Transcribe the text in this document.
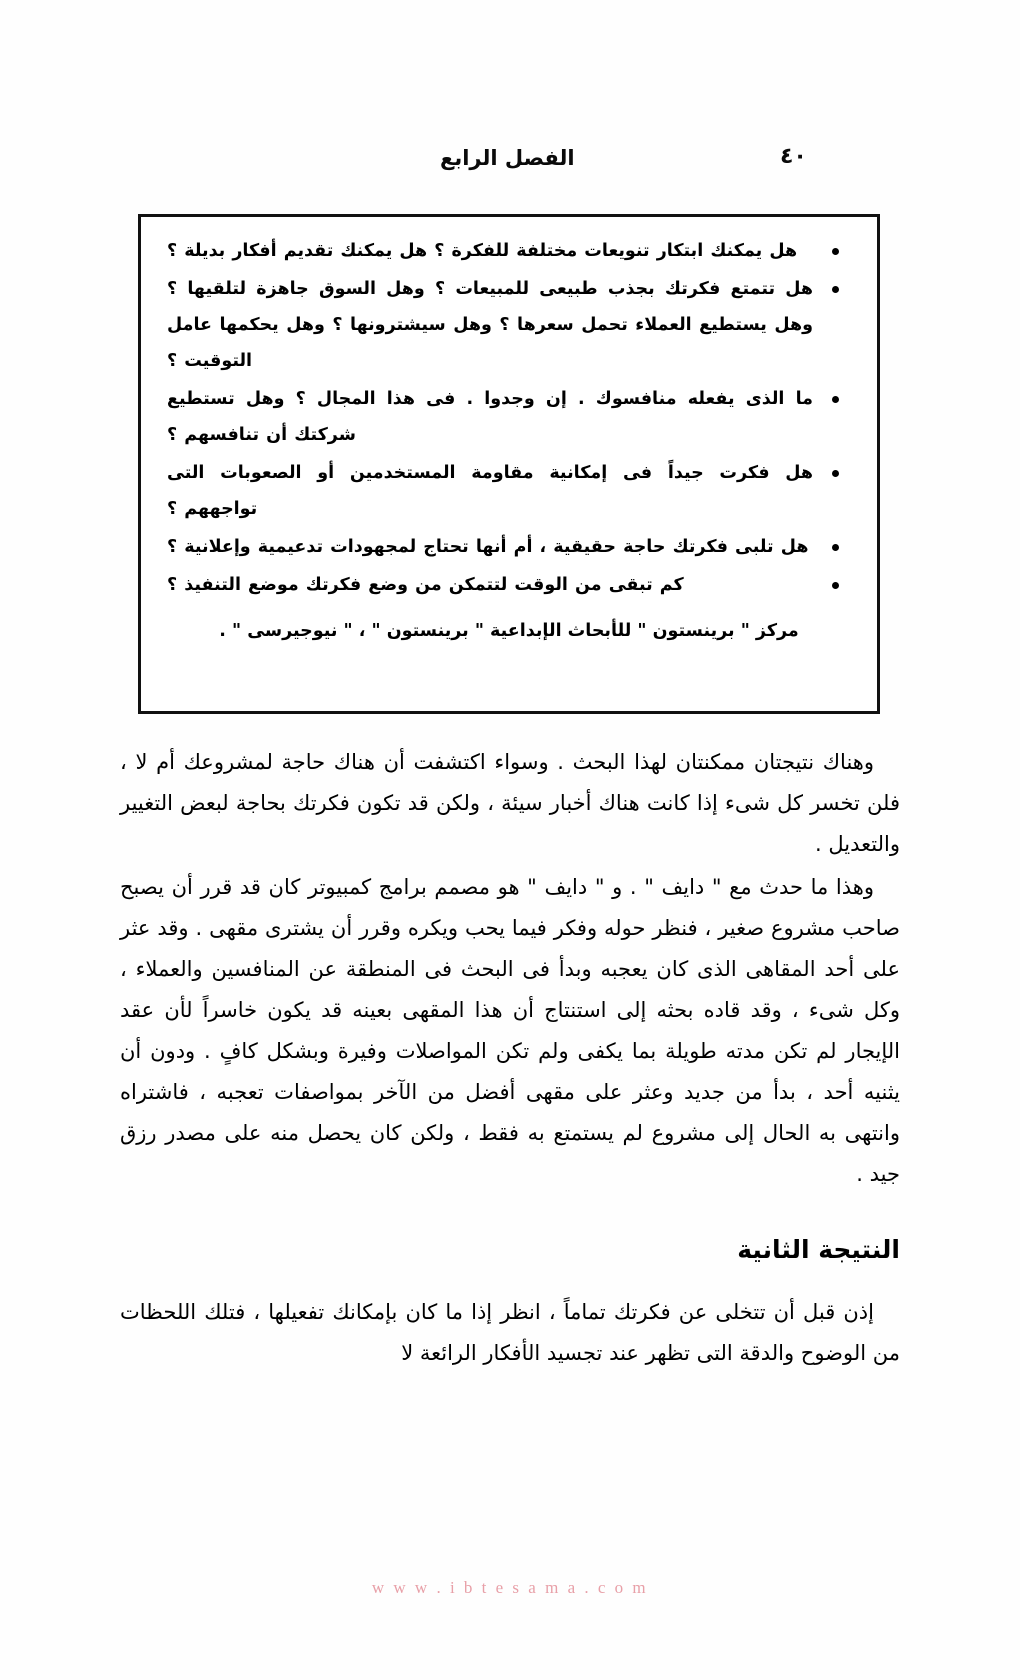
الفصل الرابع	٤٠
هل يمكنك ابتكار تنويعات مختلفة للفكرة ؟ هل يمكنك تقديم أفكار بديلة ؟
هل تتمتع فكرتك بجذب طبيعى للمبيعات ؟ وهل السوق جاهزة لتلقيها ؟ وهل يستطيع العملاء تحمل سعرها ؟ وهل سيشترونها ؟ وهل يحكمها عامل التوقيت ؟
ما الذى يفعله منافسوك . إن وجدوا . فى هذا المجال ؟ وهل تستطيع شركتك أن تنافسهم ؟
هل فكرت جيداً فى إمكانية مقاومة المستخدمين أو الصعوبات التى تواجههم ؟
هل تلبى فكرتك حاجة حقيقية ، أم أنها تحتاج لمجهودات تدعيمية وإعلانية ؟
كم تبقى من الوقت لتتمكن من وضع فكرتك موضع التنفيذ ؟
مركز " برينستون " للأبحاث الإبداعية " برينستون " ، " نيوجيرسى " .

وهناك نتيجتان ممكنتان لهذا البحث . وسواء اكتشفت أن هناك حاجة لمشروعك أم لا ، فلن تخسر كل شىء إذا كانت هناك أخبار سيئة ، ولكن قد تكون فكرتك بحاجة لبعض التغيير والتعديل .

وهذا ما حدث مع " دايف " . و " دايف " هو مصمم برامج كمبيوتر كان قد قرر أن يصبح صاحب مشروع صغير ، فنظر حوله وفكر فيما يحب ويكره وقرر أن يشترى مقهى . وقد عثر على أحد المقاهى الذى كان يعجبه وبدأ فى البحث فى المنطقة عن المنافسين والعملاء ، وكل شىء ، وقد قاده بحثه إلى استنتاج أن هذا المقهى بعينه قد يكون خاسراً لأن عقد الإيجار لم تكن مدته طويلة بما يكفى ولم تكن المواصلات وفيرة وبشكل كافٍ . ودون أن يثنيه أحد ، بدأ من جديد وعثر على مقهى أفضل من الآخر بمواصفات تعجبه ، فاشتراه وانتهى به الحال إلى مشروع لم يستمتع به فقط ، ولكن كان يحصل منه على مصدر رزق جيد .

النتيجة الثانية

إذن قبل أن تتخلى عن فكرتك تماماً ، انظر إذا ما كان بإمكانك تفعيلها ، فتلك اللحظات من الوضوح والدقة التى تظهر عند تجسيد الأفكار الرائعة لا

w w w . i b t e s a m a . c o m
